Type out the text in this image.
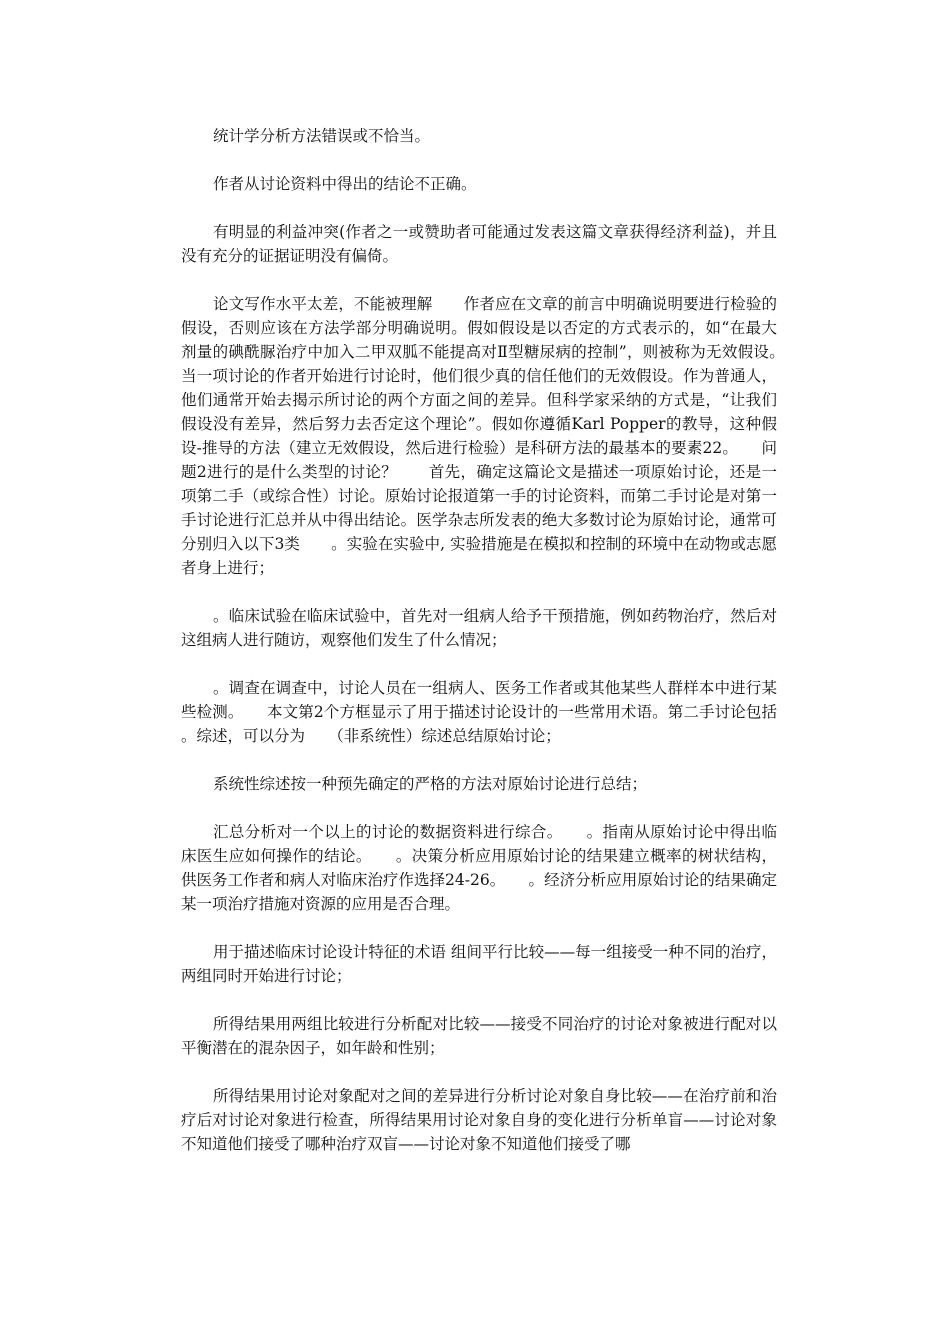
统计学分析方法错误或不恰当。

作者从讨论资料中得出的结论不正确。

有明显的利益冲突(作者之一或赞助者可能通过发表这篇文章获得经济利益)，并且没有充分的证据证明没有偏倚。

论文写作水平太差，不能被理解　　作者应在文章的前言中明确说明要进行检验的假设，否则应该在方法学部分明确说明。假如假设是以否定的方式表示的，如“在最大剂量的碘酰脲治疗中加入二甲双胍不能提高对Ⅱ型糖尿病的控制”，则被称为无效假设。　　当一项讨论的作者开始进行讨论时，他们很少真的信任他们的无效假设。作为普通人，他们通常开始去揭示所讨论的两个方面之间的差异。但科学家采纳的方式是，“让我们假设没有差异，然后努力去否定这个理论”。假如你遵循Karl Popper的教导，这种假设-推导的方法（建立无效假设，然后进行检验）是科研方法的最基本的要素22。　　问题2进行的是什么类型的讨论？　　首先，确定这篇论文是描述一项原始讨论，还是一项第二手（或综合性）讨论。原始讨论报道第一手的讨论资料，而第二手讨论是对第一手讨论进行汇总并从中得出结论。医学杂志所发表的绝大多数讨论为原始讨论，通常可分别归入以下3类　　。实验在实验中, 实验措施是在模拟和控制的环境中在动物或志愿者身上进行；

。临床试验在临床试验中，首先对一组病人给予干预措施，例如药物治疗，然后对这组病人进行随访，观察他们发生了什么情况；

。调查在调查中，讨论人员在一组病人、医务工作者或其他某些人群样本中进行某些检测。　　本文第2个方框显示了用于描述讨论设计的一些常用术语。第二手讨论包括　　。综述，可以分为　　（非系统性）综述总结原始讨论；

系统性综述按一种预先确定的严格的方法对原始讨论进行总结；

汇总分析对一个以上的讨论的数据资料进行综合。　　。指南从原始讨论中得出临床医生应如何操作的结论。　　。决策分析应用原始讨论的结果建立概率的树状结构，供医务工作者和病人对临床治疗作选择24-26。　　。经济分析应用原始讨论的结果确定某一项治疗措施对资源的应用是否合理。

用于描述临床讨论设计特征的术语 组间平行比较——每一组接受一种不同的治疗，两组同时开始进行讨论；

所得结果用两组比较进行分析配对比较——接受不同治疗的讨论对象被进行配对以平衡潜在的混杂因子，如年龄和性别；

所得结果用讨论对象配对之间的差异进行分析讨论对象自身比较——在治疗前和治疗后对讨论对象进行检查，所得结果用讨论对象自身的变化进行分析单盲——讨论对象不知道他们接受了哪种治疗双盲——讨论对象不知道他们接受了哪
